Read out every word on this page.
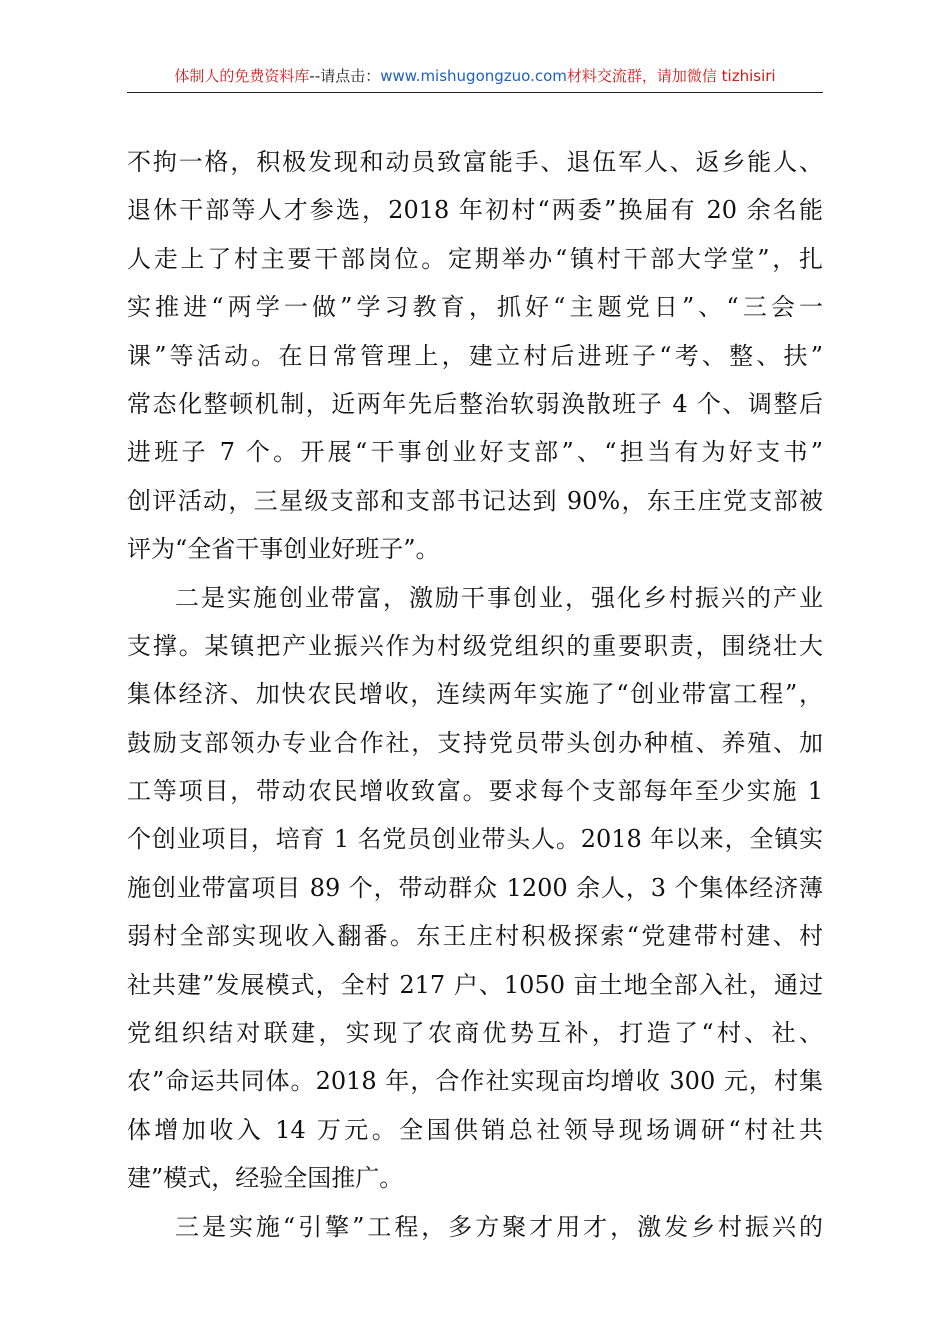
体制人的免费资料库--请点击：www.mishugongzuo.com材料交流群，请加微信 tizhisiri
不拘一格，积极发现和动员致富能手、退伍军人、返乡能人、
退休干部等人才参选，2018 年初村“两委”换届有 20 余名能
人走上了村主要干部岗位。定期举办“镇村干部大学堂”，扎
实推进“两学一做”学习教育，抓好“主题党日”、“三会一
课”等活动。在日常管理上，建立村后进班子“考、整、扶”
常态化整顿机制，近两年先后整治软弱涣散班子 4 个、调整后
进班子 7 个。开展“干事创业好支部”、“担当有为好支书”
创评活动，三星级支部和支部书记达到 90%，东王庄党支部被
评为“全省干事创业好班子”。
二是实施创业带富，激励干事创业，强化乡村振兴的产业
支撑。某镇把产业振兴作为村级党组织的重要职责，围绕壮大
集体经济、加快农民增收，连续两年实施了“创业带富工程”，
鼓励支部领办专业合作社，支持党员带头创办种植、养殖、加
工等项目，带动农民增收致富。要求每个支部每年至少实施 1
个创业项目，培育 1 名党员创业带头人。2018 年以来，全镇实
施创业带富项目 89 个，带动群众 1200 余人，3 个集体经济薄
弱村全部实现收入翻番。东王庄村积极探索“党建带村建、村
社共建”发展模式，全村 217 户、1050 亩土地全部入社，通过
党组织结对联建，实现了农商优势互补，打造了“村、社、
农”命运共同体。2018 年，合作社实现亩均增收 300 元，村集
体增加收入 14 万元。全国供销总社领导现场调研“村社共
建”模式，经验全国推广。
三是实施“引擎”工程，多方聚才用才，激发乡村振兴的
